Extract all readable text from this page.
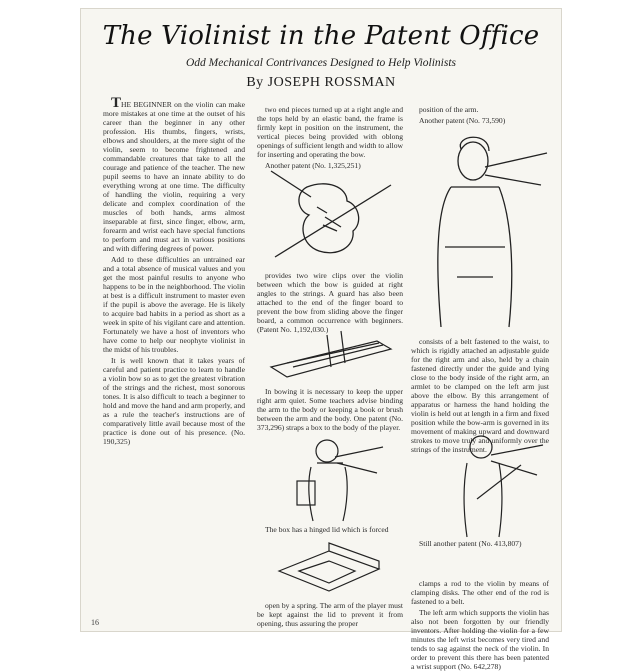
The Violinist in the Patent Office
Odd Mechanical Contrivances Designed to Help Violinists
By JOSEPH ROSSMAN

THE BEGINNER on the violin can make more mistakes at one time at the outset of his career than the beginner in any other profession. His thumbs, fingers, wrists, elbows and shoulders, at the mere sight of the violin, seem to become frightened and commandable creatures that take to all the courage and patience of the teacher. The new pupil seems to have an innate ability to do everything wrong at one time. The difficulty of handling the violin, requiring a very delicate and complex coordination of the muscles of both hands, arms almost inseparable at first, since finger, elbow, arm, forearm and wrist each have special functions to perform and must act in various positions and with differing degrees of power.

Add to these difficulties an untrained ear and a total absence of musical values and you get the most painful results to anyone who happens to be in the neighborhood. The violin at best is a difficult instrument to master even if the pupil is above the average. He is likely to acquire bad habits in a period as short as a week in spite of his vigilant care and attention. Fortunately we have a host of inventors who have come to help our neophyte violinist in the midst of his troubles.

It is well known that it takes years of careful and patient practice to learn to handle a violin bow so as to get the greatest vibration of the strings and the richest, most sonorous tones. It is also difficult to teach a beginner to hold and move the hand and arm properly, and as a rule the teacher's instructions are of comparatively little avail because most of the practice is done out of his presence. (No. 190,325)

two end pieces turned up at a right angle and the tops held by an elastic band, the frame is firmly kept in position on the instrument, the vertical pieces being provided with oblong openings of sufficient length and width to allow for inserting and operating the bow.

Another patent (No. 1,325,251)

provides two wire clips over the violin between which the bow is guided at right angles to the strings. A guard has also been attached to the end of the finger board to prevent the bow from sliding above the finger board, a common occurrence with beginners. (Patent No. 1,192,030.)

In bowing it is necessary to keep the upper right arm quiet. Some teachers advise binding the arm to the body or keeping a book or brush between the arm and the body. One patent (No. 373,296) straps a box to the body of the player.

The box has a hinged lid which is forced

open by a spring. The arm of the player must be kept against the lid to prevent it from opening, thus assuring the proper

position of the arm.

Another patent (No. 73,590)

consists of a belt fastened to the waist, to which is rigidly attached an adjustable guide for the right arm and also, held by a chain fastened directly under the guide and lying close to the body inside of the right arm, an armlet to be clamped on the left arm just above the elbow. By this arrangement of apparatus or harness the hand holding the violin is held out at length in a firm and fixed position while the bow-arm is governed in its movement of making upward and downward strokes to move truly and uniformly over the strings of the instrument.

Still another patent (No. 413,807)

clamps a rod to the violin by means of clamping disks. The other end of the rod is fastened to a belt.

The left arm which supports the violin has also not been forgotten by our friendly inventors. After holding the violin for a few minutes the left wrist becomes very tired and tends to sag against the neck of the violin. In order to prevent this there has been patented a wrist support (No. 642,278)

16
